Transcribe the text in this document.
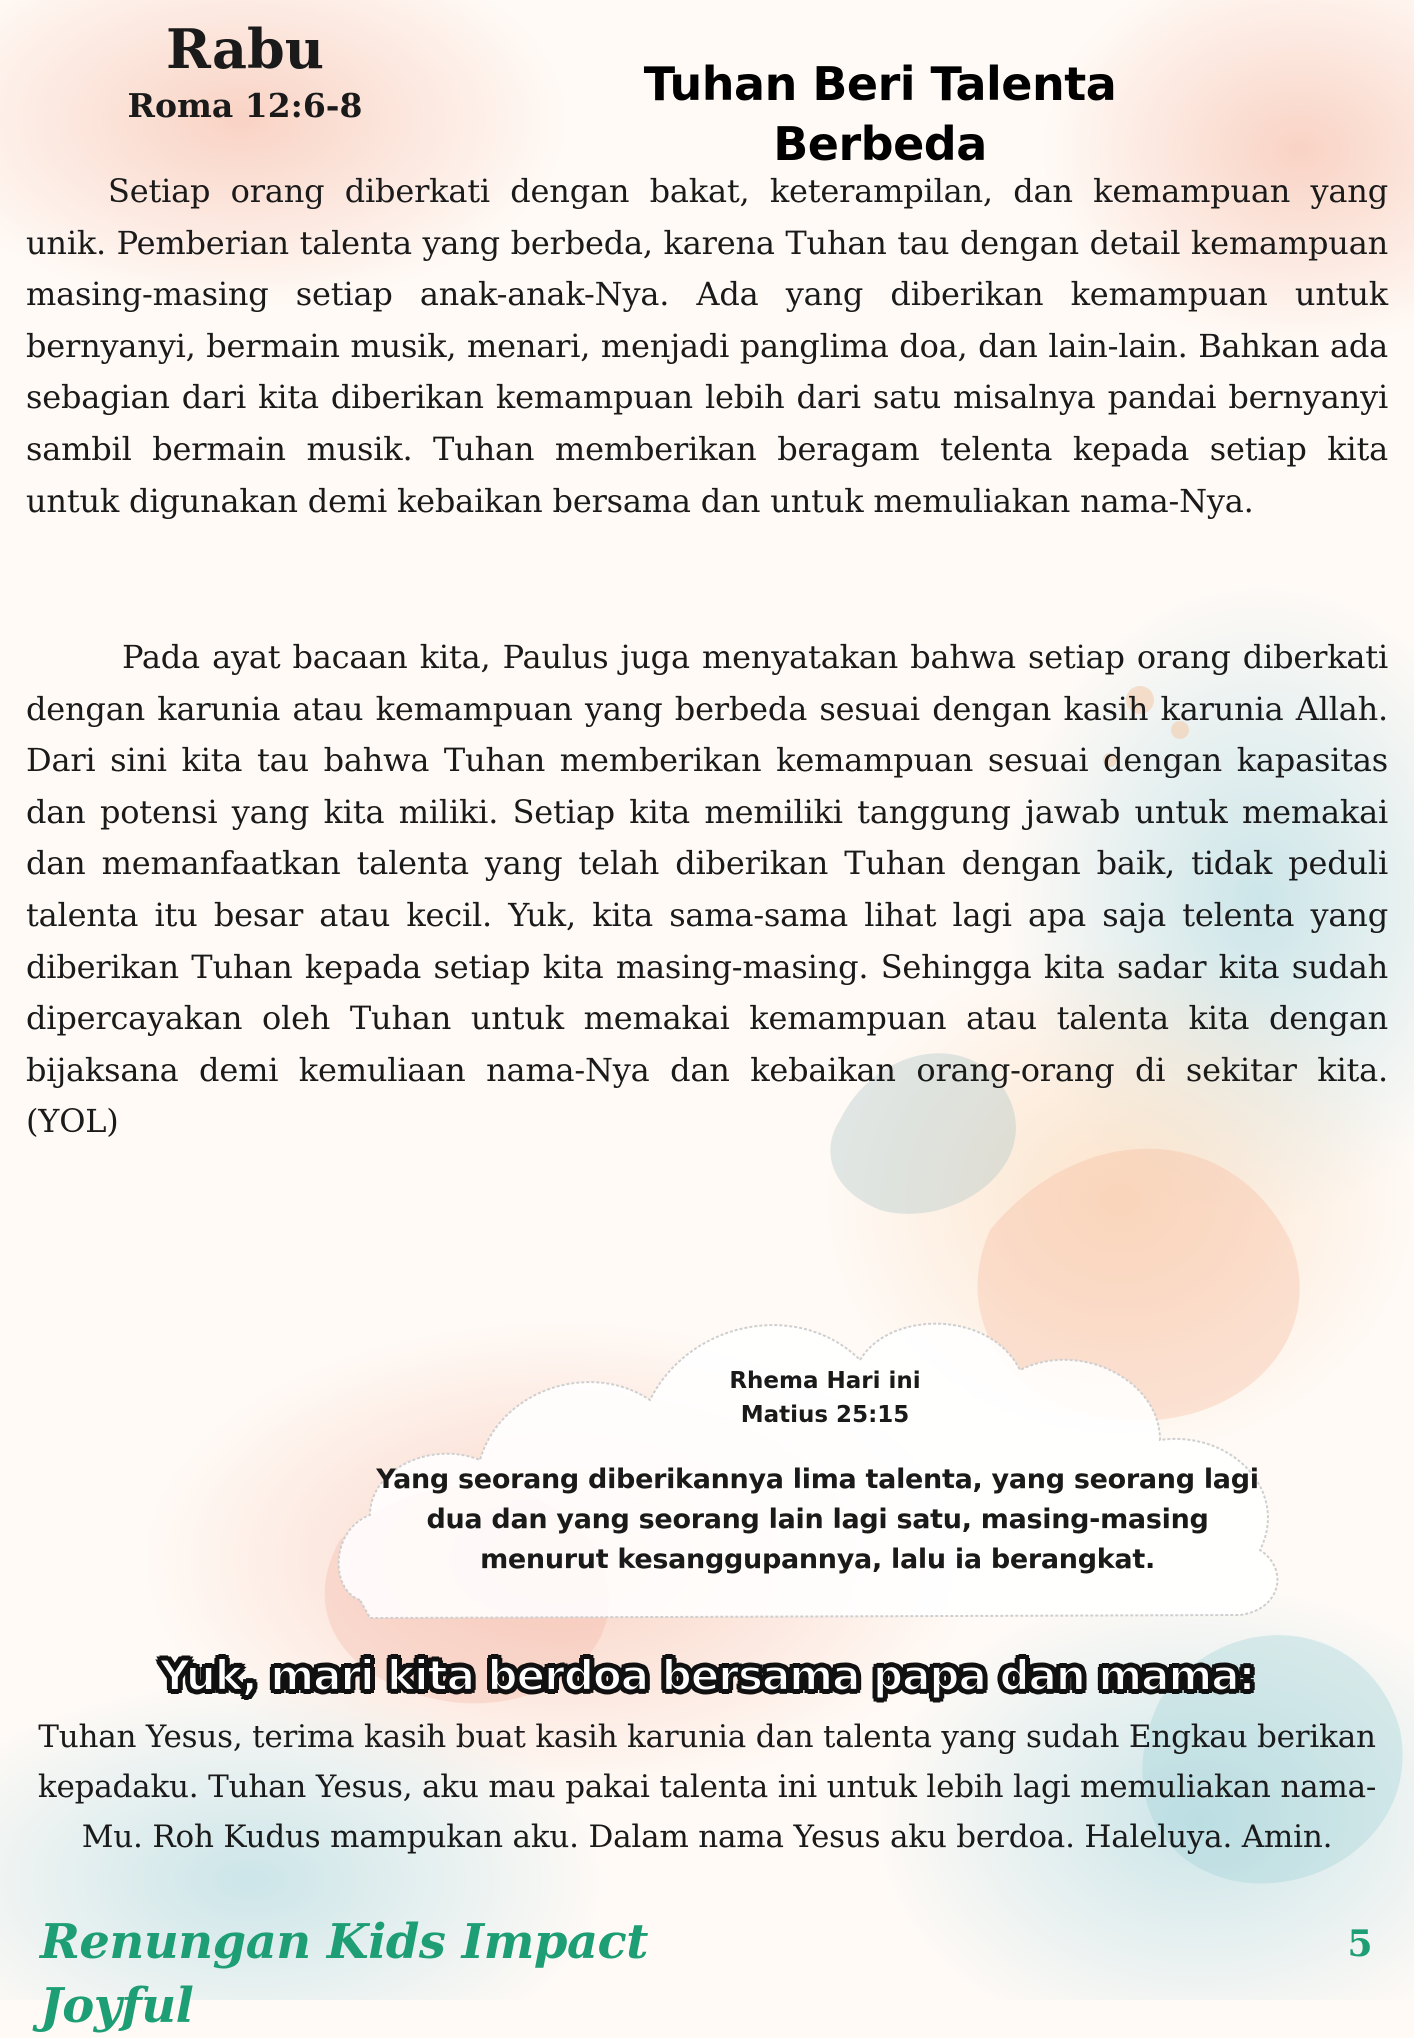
Rabu
Roma 12:6-8	Tuhan Beri Talenta Berbeda

Setiap orang diberkati dengan bakat, keterampilan, dan kemampuan yang unik. Pemberian talenta yang berbeda, karena Tuhan tau dengan detail kemampuan masing-masing setiap anak-anak-Nya. Ada yang diberikan kemampuan untuk bernyanyi, bermain musik, menari, menjadi panglima doa, dan lain-lain. Bahkan ada sebagian dari kita diberikan kemampuan lebih dari satu misalnya pandai bernyanyi sambil bermain musik. Tuhan memberikan beragam telenta kepada setiap kita untuk digunakan demi kebaikan bersama dan untuk memuliakan nama-Nya.

Pada ayat bacaan kita, Paulus juga menyatakan bahwa setiap orang diberkati dengan karunia atau kemampuan yang berbeda sesuai dengan kasih karunia Allah. Dari sini kita tau bahwa Tuhan memberikan kemampuan sesuai dengan kapasitas dan potensi yang kita miliki. Setiap kita memiliki tanggung jawab untuk memakai dan memanfaatkan talenta yang telah diberikan Tuhan dengan baik, tidak peduli talenta itu besar atau kecil. Yuk, kita sama-sama lihat lagi apa saja telenta yang diberikan Tuhan kepada setiap kita masing-masing. Sehingga kita sadar kita sudah dipercayakan oleh Tuhan untuk memakai kemampuan atau talenta kita dengan bijaksana demi kemuliaan nama-Nya dan kebaikan orang-orang di sekitar kita. (YOL)

Rhema Hari ini
Matius 25:15
Yang seorang diberikannya lima talenta, yang seorang lagi dua dan yang seorang lain lagi satu, masing-masing menurut kesanggupannya, lalu ia berangkat.
Yuk, mari kita berdoa bersama papa dan mama:

Tuhan Yesus, terima kasih buat kasih karunia dan talenta yang sudah Engkau berikan kepadaku. Tuhan Yesus, aku mau pakai talenta ini untuk lebih lagi memuliakan nama-Mu. Roh Kudus mampukan aku. Dalam nama Yesus aku berdoa. Haleluya. Amin.

Renungan Kids Impact Joyful
5
